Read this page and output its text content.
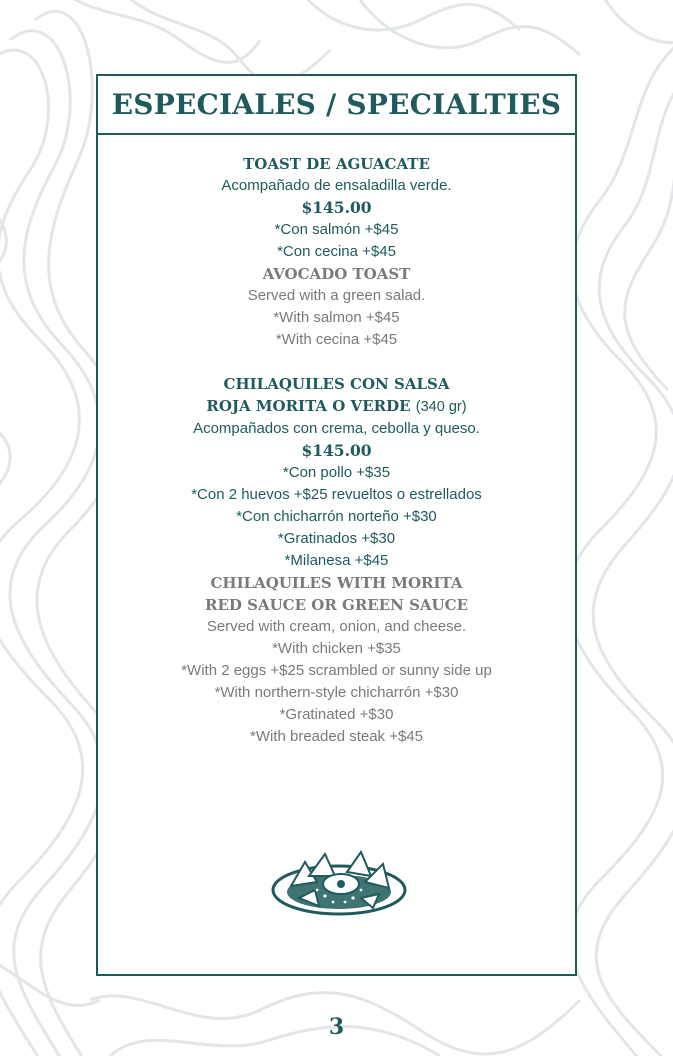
ESPECIALES / SPECIALTIES
TOAST DE AGUACATE
Acompañado de ensaladilla verde.
$145.00
*Con salmón +$45
*Con cecina +$45
AVOCADO TOAST
Served with a green salad.
*With salmon +$45
*With cecina +$45
CHILAQUILES CON SALSA
ROJA MORITA O VERDE (340 gr)
Acompañados con crema, cebolla y queso.
$145.00
*Con pollo +$35
*Con 2 huevos +$25 revueltos o estrellados
*Con chicharrón norteño +$30
*Gratinados +$30
*Milanesa +$45
CHILAQUILES WITH MORITA
RED SAUCE OR GREEN SAUCE
Served with cream, onion, and cheese.
*With chicken +$35
*With 2 eggs +$25 scrambled or sunny side up
*With northern-style chicharrón +$30
*Gratinated +$30
*With breaded steak +$45
3
